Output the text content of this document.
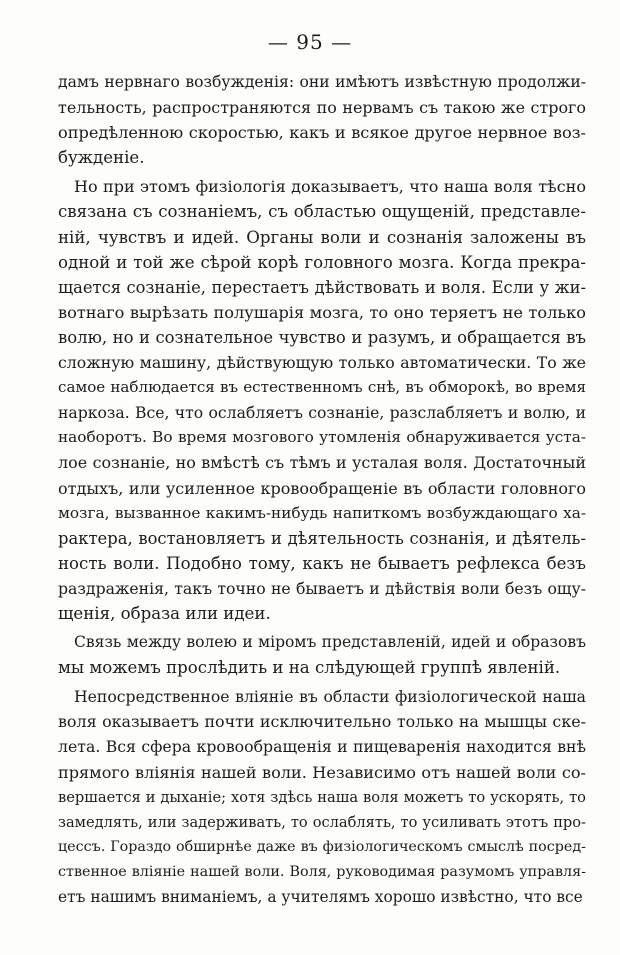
— 95 —
дамъ нервнаго возбужденія: они имѣютъ извѣстную продолжи-
тельность, распространяются по нервамъ съ такою же строго
опредѣленною скоростью, какъ и всякое другое нервное воз-
бужденіе.
Но при этомъ физіологія доказываетъ, что наша воля тѣсно
связана съ сознаніемъ, съ областью ощущеній, представле-
ній, чувствъ и идей. Органы воли и сознанія заложены въ
одной и той же сѣрой корѣ головного мозга. Когда прекра-
щается сознаніе, перестаетъ дѣйствовать и воля. Если у жи-
вотнаго вырѣзать полушарія мозга, то оно теряетъ не только
волю, но и сознательное чувство и разумъ, и обращается въ
сложную машину, дѣйствующую только автоматически. То же
самое наблюдается въ естественномъ снѣ, въ обморокѣ, во время
наркоза. Все, что ослабляетъ сознаніе, разслабляетъ и волю, и
наоборотъ. Во время мозгового утомленія обнаруживается уста-
лое сознаніе, но вмѣстѣ съ тѣмъ и усталая воля. Достаточный
отдыхъ, или усиленное кровообращеніе въ области головного
мозга, вызванное какимъ-нибудь напиткомъ возбуждающаго ха-
рактера, востановляетъ и дѣятельность сознанія, и дѣятель-
ность воли. Подобно тому, какъ не бываетъ рефлекса безъ
раздраженія, такъ точно не бываетъ и дѣйствія воли безъ ощу-
щенія, образа или идеи.
Связь между волею и міромъ представленій, идей и образовъ
мы можемъ прослѣдить и на слѣдующей группѣ явленій.
Непосредственное вліяніе въ области физіологической наша
воля оказываетъ почти исключительно только на мышцы ске-
лета. Вся сфера кровообращенія и пищеваренія находится внѣ
прямого вліянія нашей воли. Независимо отъ нашей воли со-
вершается и дыханіе; хотя здѣсь наша воля можетъ то ускорять, то
замедлять, или задерживать, то ослаблять, то усиливать этотъ про-
цессъ. Гораздо обширнѣе даже въ физіологическомъ смыслѣ посред-
ственное вліяніе нашей воли. Воля, руководимая разумомъ управля-
етъ нашимъ вниманіемъ, а учителямъ хорошо извѣстно, что все
